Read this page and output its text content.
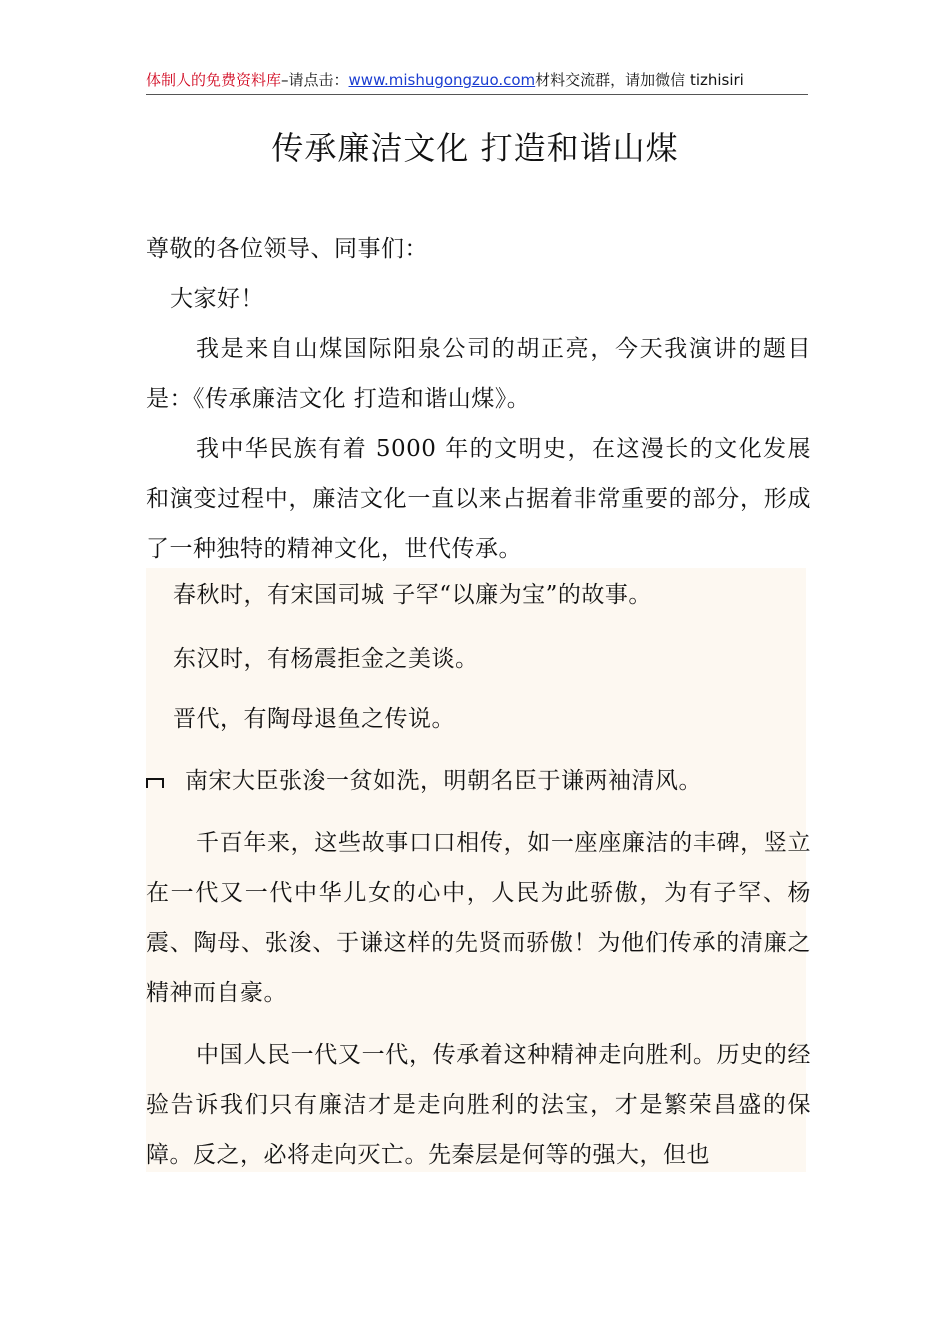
体制人的免费资料库–请点击：www.mishugongzuo.com材料交流群，请加微信 tizhisiri
传承廉洁文化 打造和谐山煤
尊敬的各位领导、同事们：
大家好！
我是来自山煤国际阳泉公司的胡正亮，今天我演讲的题目是：《传承廉洁文化 打造和谐山煤》。
我中华民族有着 5000 年的文明史，在这漫长的文化发展和演变过程中，廉洁文化一直以来占据着非常重要的部分，形成了一种独特的精神文化，世代传承。
春秋时，有宋国司城 子罕“以廉为宝”的故事。
东汉时，有杨震拒金之美谈。
晋代，有陶母退鱼之传说。
南宋大臣张浚一贫如洗，明朝名臣于谦两袖清风。
千百年来，这些故事口口相传，如一座座廉洁的丰碑，竖立在一代又一代中华儿女的心中，人民为此骄傲，为有子罕、杨震、陶母、张浚、于谦这样的先贤而骄傲！为他们传承的清廉之精神而自豪。
中国人民一代又一代，传承着这种精神走向胜利。历史的经验告诉我们只有廉洁才是走向胜利的法宝，才是繁荣昌盛的保障。反之，必将走向灭亡。先秦层是何等的强大，但也
